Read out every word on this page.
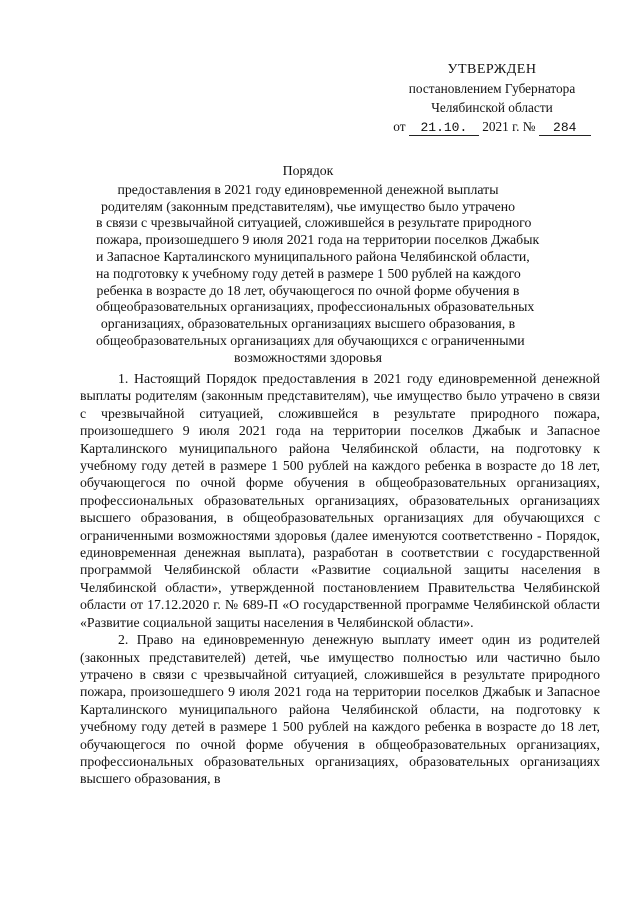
УТВЕРЖДЕН
постановлением Губернатора
Челябинской области
от 21.10. 2021 г. № 284
Порядок
предоставления в 2021 году единовременной денежной выплаты
родителям (законным представителям), чье имущество было утрачено
в связи с чрезвычайной ситуацией, сложившейся в результате природного
пожара, произошедшего 9 июля 2021 года на территории поселков Джабык
и Запасное Карталинского муниципального района Челябинской области,
на подготовку к учебному году детей в размере 1 500 рублей на каждого
ребенка в возрасте до 18 лет, обучающегося по очной форме обучения в
общеобразовательных организациях, профессиональных образовательных
организациях, образовательных организациях высшего образования, в
общеобразовательных организациях для обучающихся с ограниченными
возможностями здоровья

1. Настоящий Порядок предоставления в 2021 году единовременной денежной выплаты родителям (законным представителям), чье имущество было утрачено в связи с чрезвычайной ситуацией, сложившейся в результате природного пожара, произошедшего 9 июля 2021 года на территории поселков Джабык и Запасное Карталинского муниципального района Челябинской области, на подготовку к учебному году детей в размере 1 500 рублей на каждого ребенка в возрасте до 18 лет, обучающегося по очной форме обучения в общеобразовательных организациях, профессиональных образовательных организациях, образовательных организациях высшего образования, в общеобразовательных организациях для обучающихся с ограниченными возможностями здоровья (далее именуются соответственно - Порядок, единовременная денежная выплата), разработан в соответствии с государственной программой Челябинской области «Развитие социальной защиты населения в Челябинской области», утвержденной постановлением Правительства Челябинской области от 17.12.2020 г. № 689-П «О государственной программе Челябинской области «Развитие социальной защиты населения в Челябинской области».

2. Право на единовременную денежную выплату имеет один из родителей (законных представителей) детей, чье имущество полностью или частично было утрачено в связи с чрезвычайной ситуацией, сложившейся в результате природного пожара, произошедшего 9 июля 2021 года на территории поселков Джабык и Запасное Карталинского муниципального района Челябинской области, на подготовку к учебному году детей в размере 1 500 рублей на каждого ребенка в возрасте до 18 лет, обучающегося по очной форме обучения в общеобразовательных организациях, профессиональных образовательных организациях, образовательных организациях высшего образования, в
